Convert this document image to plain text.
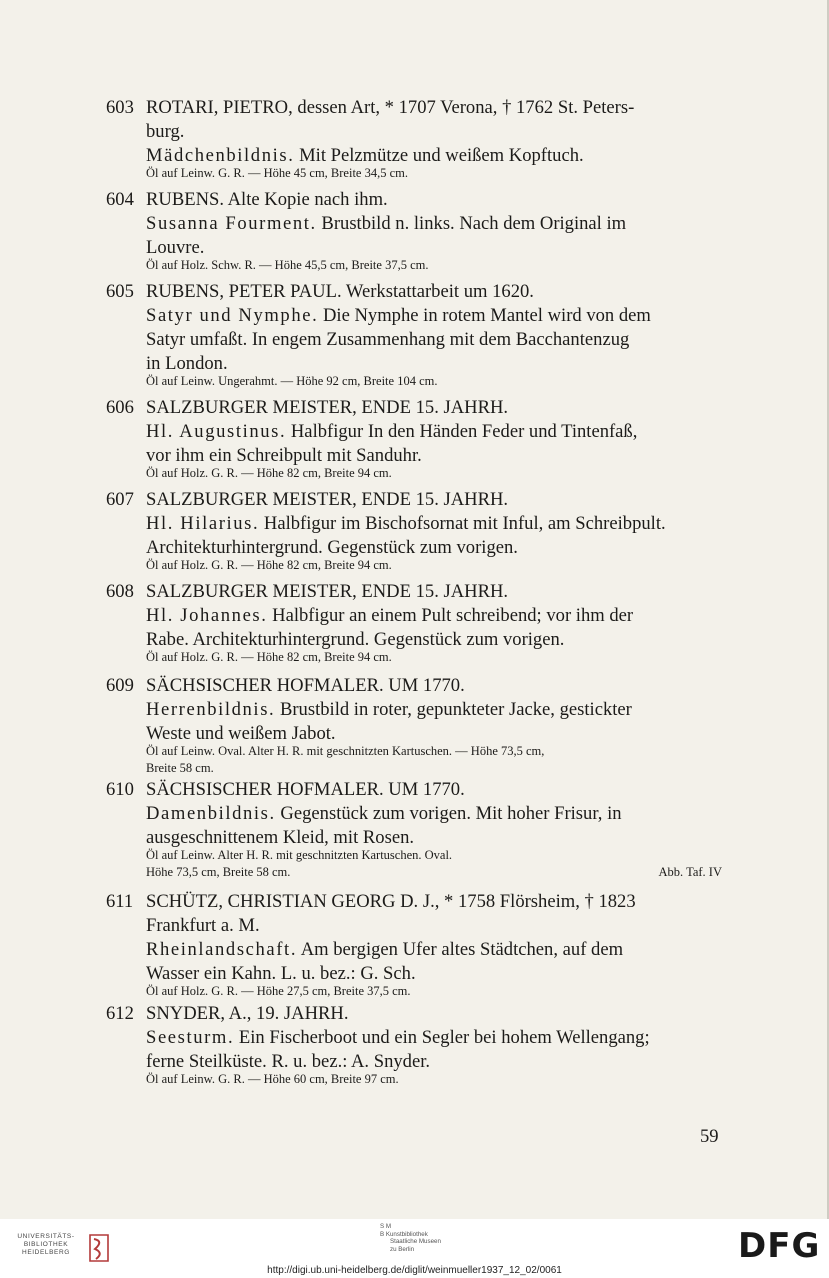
603 ROTARI, PIETRO, dessen Art, * 1707 Verona, † 1762 St. Peters-
burg.
Mädchenbildnis. Mit Pelzmütze und weißem Kopftuch.
Öl auf Leinw. G. R. — Höhe 45 cm, Breite 34,5 cm.
604 RUBENS. Alte Kopie nach ihm.
Susanna Fourment. Brustbild n. links. Nach dem Original im
Louvre.
Öl auf Holz. Schw. R. — Höhe 45,5 cm, Breite 37,5 cm.
605 RUBENS, PETER PAUL. Werkstattarbeit um 1620.
Satyr und Nymphe. Die Nymphe in rotem Mantel wird von dem
Satyr umfaßt. In engem Zusammenhang mit dem Bacchantenzug
in London.
Öl auf Leinw. Ungerahmt. — Höhe 92 cm, Breite 104 cm.
606 SALZBURGER MEISTER, ENDE 15. JAHRH.
Hl. Augustinus. Halbfigur In den Händen Feder und Tintenfaß,
vor ihm ein Schreibpult mit Sanduhr.
Öl auf Holz. G. R. — Höhe 82 cm, Breite 94 cm.
607 SALZBURGER MEISTER, ENDE 15. JAHRH.
Hl. Hilarius. Halbfigur im Bischofsornat mit Inful, am Schreibpult.
Architekturhintergrund. Gegenstück zum vorigen.
Öl auf Holz. G. R. — Höhe 82 cm, Breite 94 cm.
608 SALZBURGER MEISTER, ENDE 15. JAHRH.
Hl. Johannes. Halbfigur an einem Pult schreibend; vor ihm der
Rabe. Architekturhintergrund. Gegenstück zum vorigen.
Öl auf Holz. G. R. — Höhe 82 cm, Breite 94 cm.
609 SÄCHSISCHER HOFMALER. UM 1770.
Herrenbildnis. Brustbild in roter, gepunkteter Jacke, gestickter
Weste und weißem Jabot.
Öl auf Leinw. Oval. Alter H. R. mit geschnitzten Kartuschen. — Höhe 73,5 cm,
Breite 58 cm.
610 SÄCHSISCHER HOFMALER. UM 1770.
Damenbildnis. Gegenstück zum vorigen. Mit hoher Frisur, in
ausgeschnittenem Kleid, mit Rosen.
Öl auf Leinw. Alter H. R. mit geschnitzten Kartuschen. Oval.
Höhe 73,5 cm, Breite 58 cm.	Abb. Taf. IV
611 SCHÜTZ, CHRISTIAN GEORG D. J., * 1758 Flörsheim, † 1823
Frankfurt a. M.
Rheinlandschaft. Am bergigen Ufer altes Städtchen, auf dem
Wasser ein Kahn. L. u. bez.: G. Sch.
Öl auf Holz. G. R. — Höhe 27,5 cm, Breite 37,5 cm.
612 SNYDER, A., 19. JAHRH.
Seesturm. Ein Fischerboot und ein Segler bei hohem Wellengang;
ferne Steilküste. R. u. bez.: A. Snyder.
Öl auf Leinw. G. R. — Höhe 60 cm, Breite 97 cm.
59
UNIVERSITÄTS-
BIBLIOTHEK
HEIDELBERG
S M
B Kunstbibliothek
Staatliche Museen
zu Berlin	DFG
http://digi.ub.uni-heidelberg.de/diglit/weinmueller1937_12_02/0061
